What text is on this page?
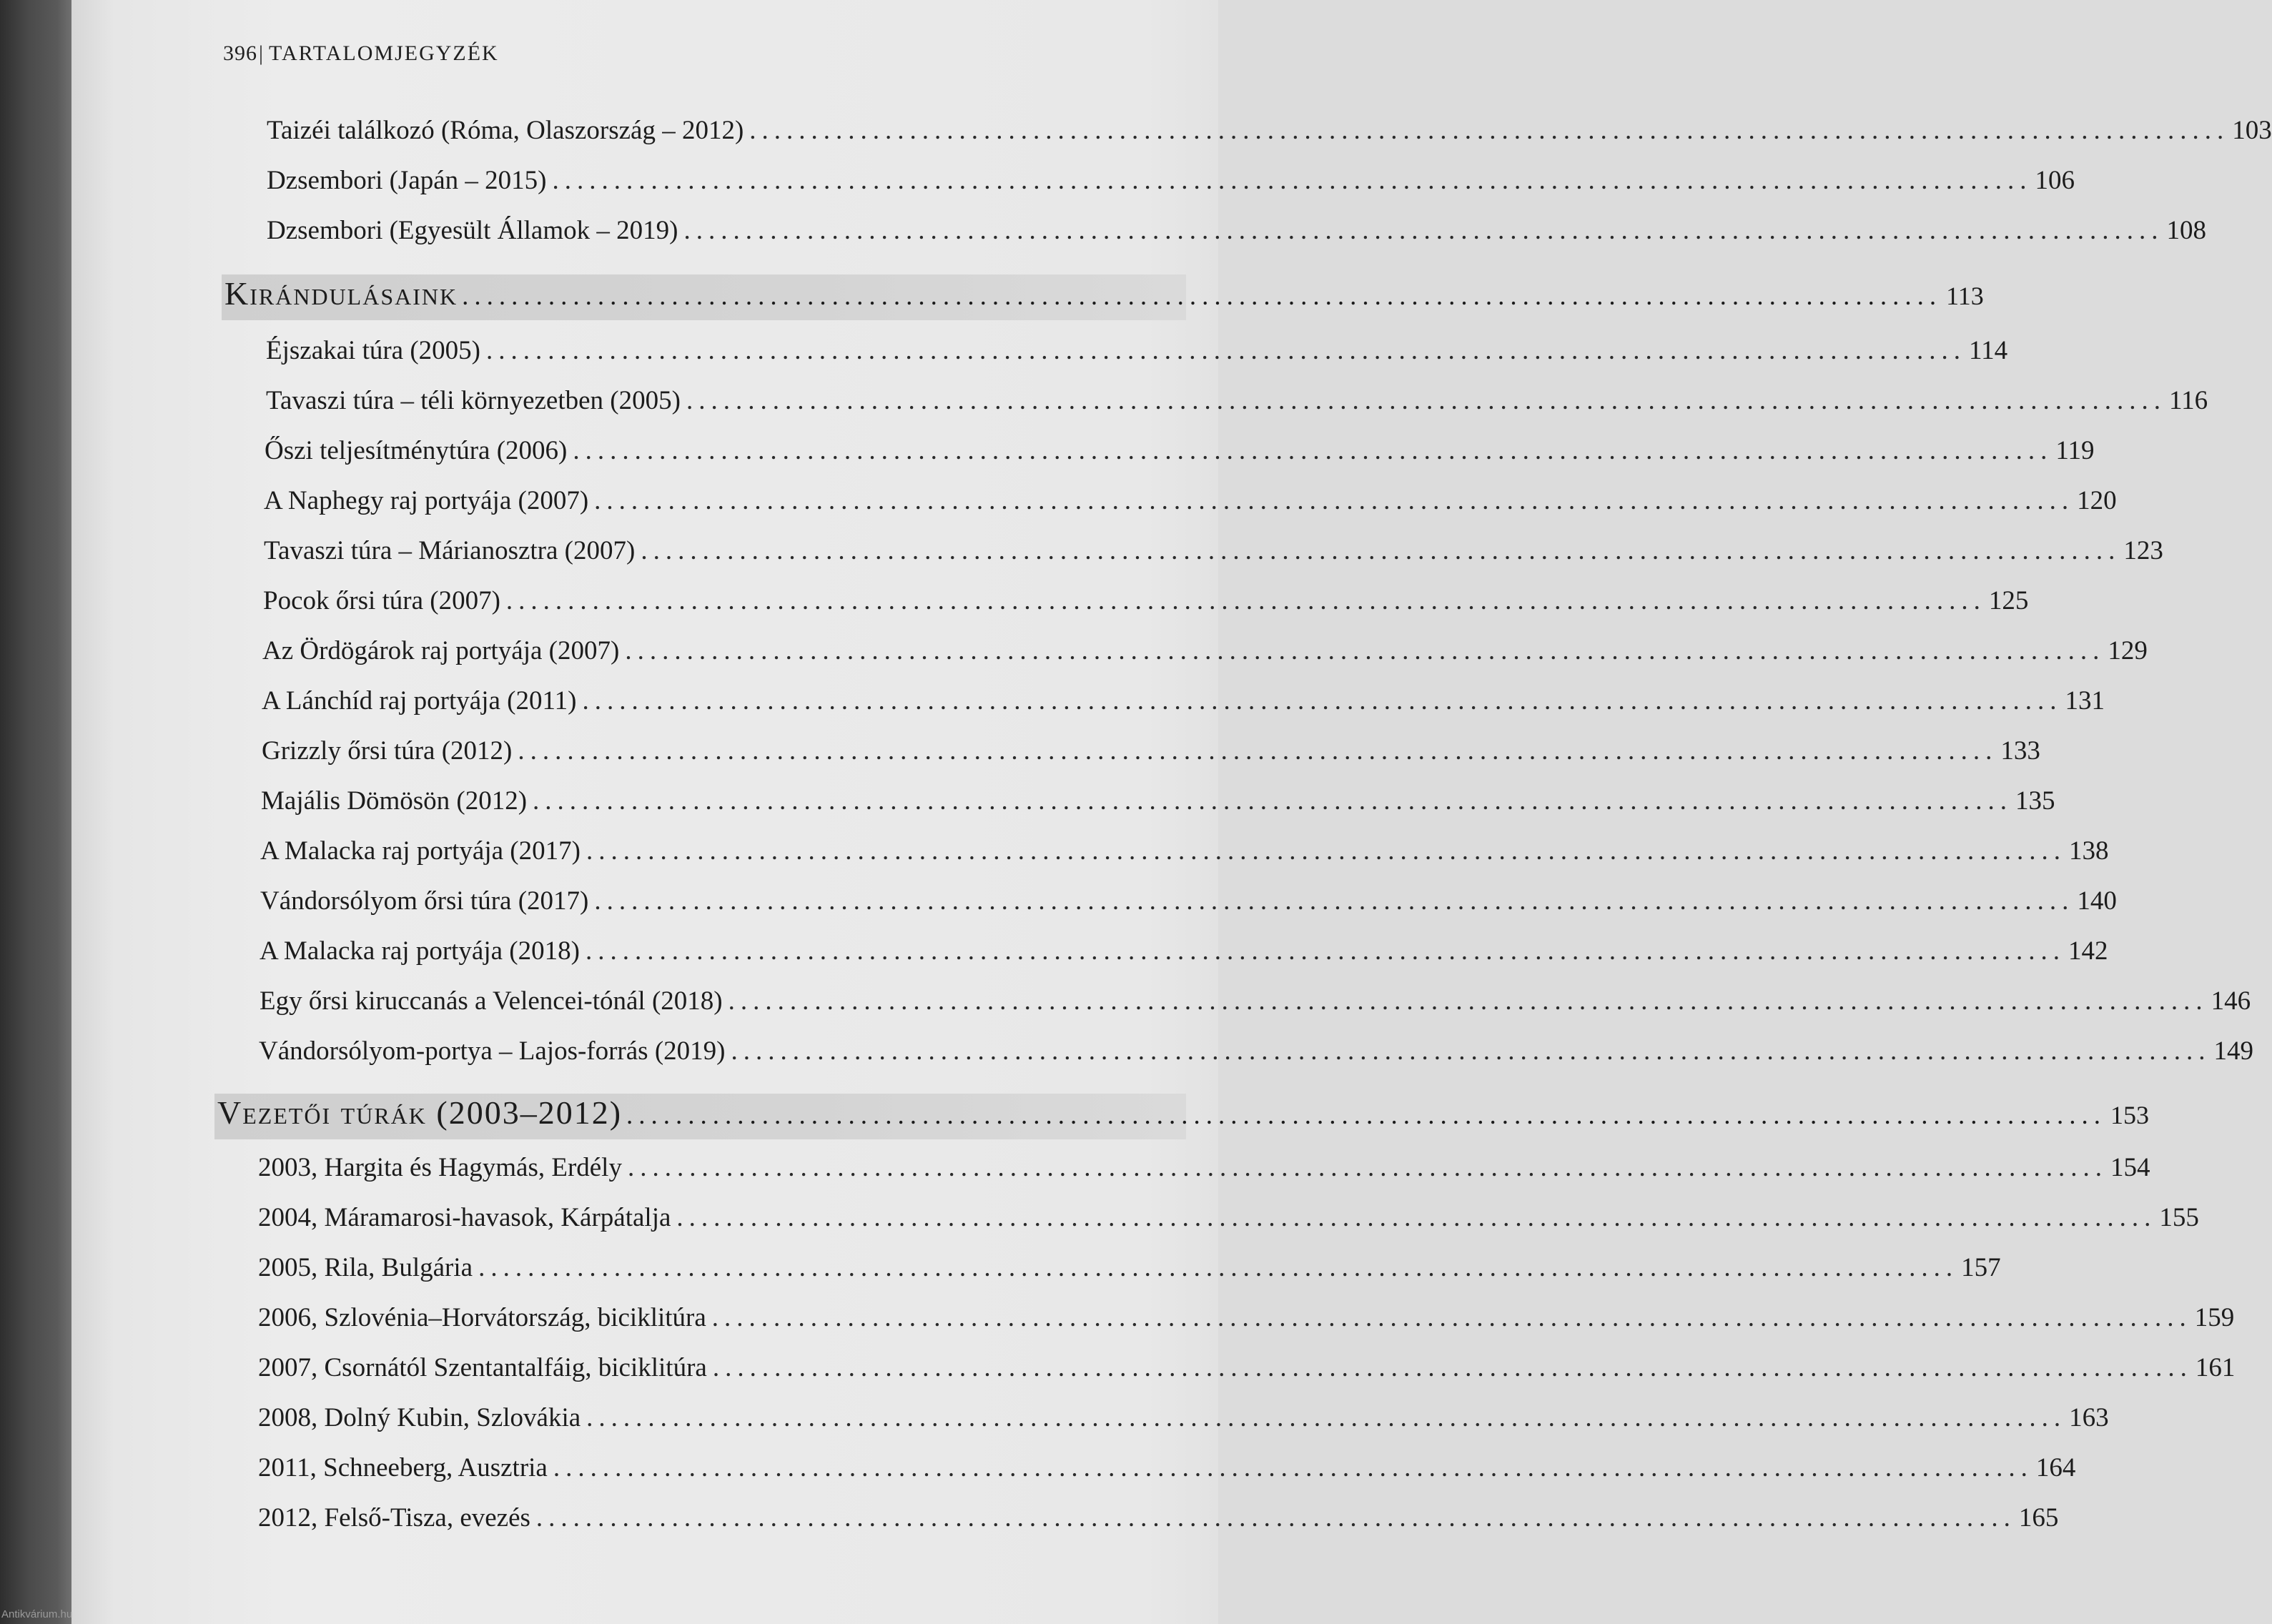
396| TARTALOMJEGYZÉK
Taizéi találkozó (Róma, Olaszország – 2012) ........................................................................................................................ 103
Dzsembori (Japán – 2015) ........................................................................................................................ 106
Dzsembori (Egyesült Államok – 2019) ........................................................................................................................ 108
Kirándulásaink ........................................................................................................................ 113
Éjszakai túra (2005) ........................................................................................................................ 114
Tavaszi túra – téli környezetben (2005) ........................................................................................................................ 116
Őszi teljesítménytúra (2006) ........................................................................................................................ 119
A Naphegy raj portyája (2007) ........................................................................................................................ 120
Tavaszi túra – Márianosztra (2007) ........................................................................................................................ 123
Pocok őrsi túra (2007) ........................................................................................................................ 125
Az Ördögárok raj portyája (2007) ........................................................................................................................ 129
A Lánchíd raj portyája (2011) ........................................................................................................................ 131
Grizzly őrsi túra (2012) ........................................................................................................................ 133
Majális Dömösön (2012) ........................................................................................................................ 135
A Malacka raj portyája (2017) ........................................................................................................................ 138
Vándorsólyom őrsi túra (2017) ........................................................................................................................ 140
A Malacka raj portyája (2018) ........................................................................................................................ 142
Egy őrsi kiruccanás a Velencei-tónál (2018) ........................................................................................................................ 146
Vándorsólyom-portya – Lajos-forrás (2019) ........................................................................................................................ 149
Vezetői túrák (2003–2012) ........................................................................................................................ 153
2003, Hargita és Hagymás, Erdély ........................................................................................................................ 154
2004, Máramarosi-havasok, Kárpátalja ........................................................................................................................ 155
2005, Rila, Bulgária ........................................................................................................................ 157
2006, Szlovénia–Horvátország, biciklitúra ........................................................................................................................ 159
2007, Csornától Szentantalfáig, biciklitúra ........................................................................................................................ 161
2008, Dolný Kubin, Szlovákia ........................................................................................................................ 163
2011, Schneeberg, Ausztria ........................................................................................................................ 164
2012, Felső-Tisza, evezés ........................................................................................................................ 165
Antikvárium.hu
